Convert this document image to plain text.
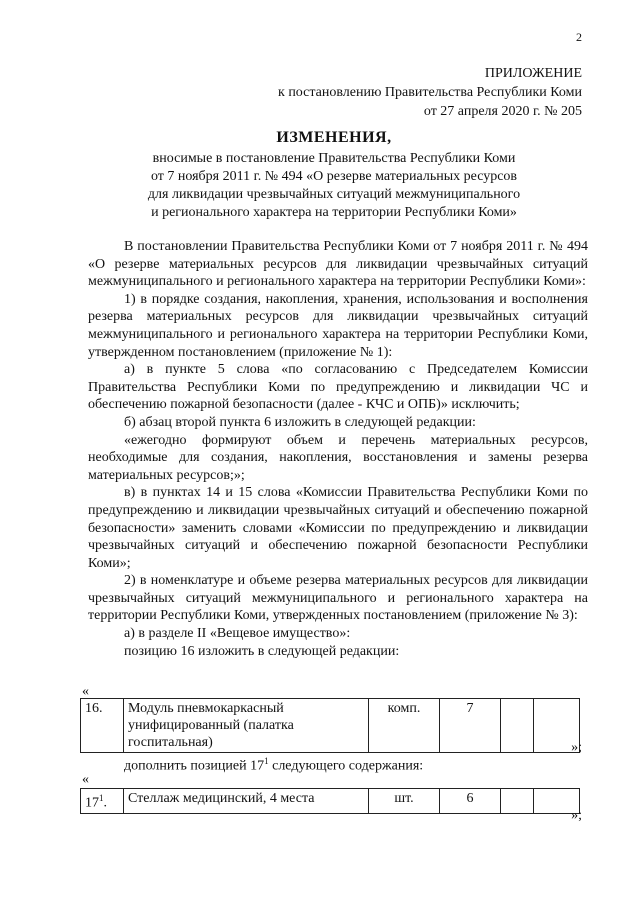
2
ПРИЛОЖЕНИЕ
к постановлению Правительства Республики Коми
от 27 апреля 2020 г. № 205
ИЗМЕНЕНИЯ,
вносимые в постановление Правительства Республики Коми
от 7 ноября 2011 г. № 494 «О резерве материальных ресурсов
для ликвидации чрезвычайных ситуаций межмуниципального
и регионального характера на территории Республики Коми»

В постановлении Правительства Республики Коми от 7 ноября 2011 г. № 494 «О резерве материальных ресурсов для ликвидации чрезвычайных ситуаций межмуниципального и регионального характера на территории Республики Коми»:

1) в порядке создания, накопления, хранения, использования и восполнения резерва материальных ресурсов для ликвидации чрезвычайных ситуаций межмуниципального и регионального характера на территории Республики Коми, утвержденном постановлением (приложение № 1):

а) в пункте 5 слова «по согласованию с Председателем Комиссии Правительства Республики Коми по предупреждению и ликвидации ЧС и обеспечению пожарной безопасности (далее - КЧС и ОПБ)» исключить;

б) абзац второй пункта 6 изложить в следующей редакции:

«ежегодно формируют объем и перечень материальных ресурсов, необходимые для создания, накопления, восстановления и замены резерва материальных ресурсов;»;

в) в пунктах 14 и 15 слова «Комиссии Правительства Республики Коми по предупреждению и ликвидации чрезвычайных ситуаций и обеспечению пожарной безопасности» заменить словами «Комиссии по предупреждению и ликвидации чрезвычайных ситуаций и обеспечению пожарной безопасности Республики Коми»;

2) в номенклатуре и объеме резерва материальных ресурсов для ликвидации чрезвычайных ситуаций межмуниципального и регионального характера на территории Республики Коми, утвержденных постановлением (приложение № 3):

а) в разделе II «Вещевое имущество»:

позицию 16 изложить в следующей редакции:

«
16.	Модуль пневмокаркасный унифицированный (палатка госпитальная)	комп.	7		
»;
дополнить позицией $17^1$ следующего содержания:
«
$17^1$.	Стеллаж медицинский, 4 места	шт.	6		
»;
